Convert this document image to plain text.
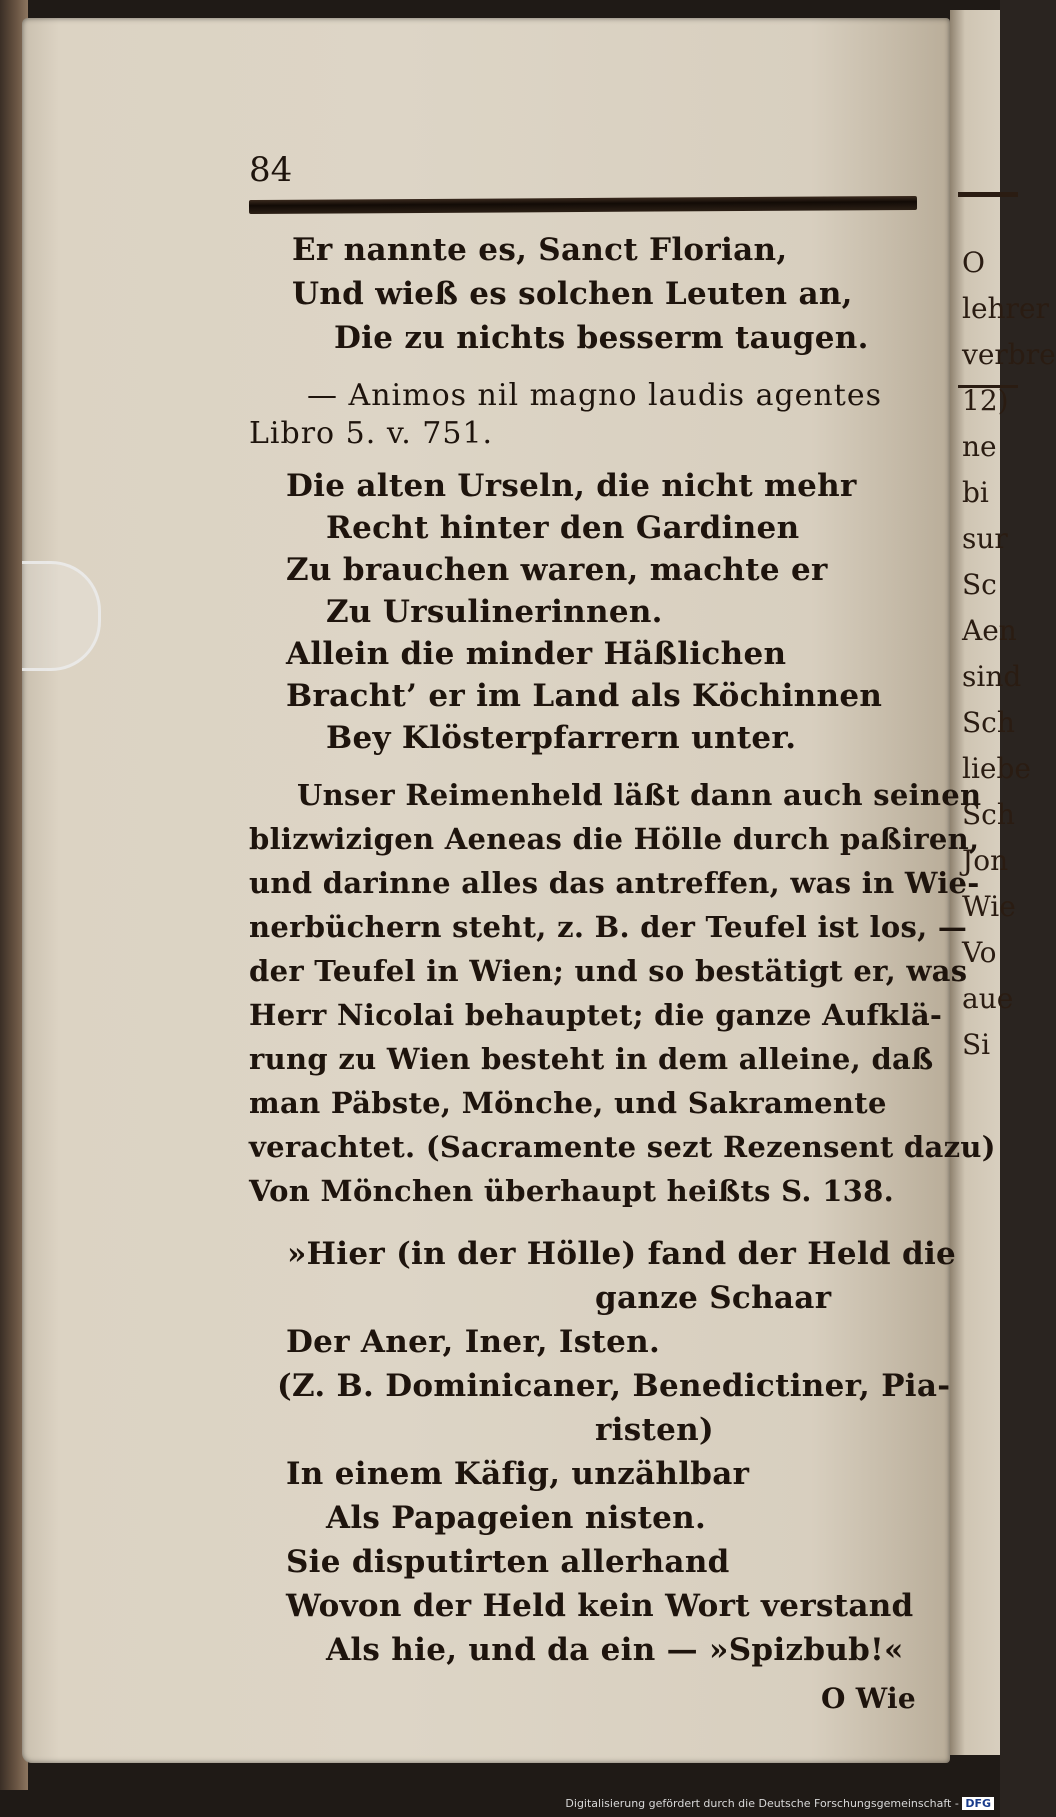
O
lehrer
verbre
12)
ne
bi
sur
Sc
Aen
sind
Sch
liebe
Sch
Jon
Wie
Vo
aue
Si
84
Er nannte es, Sanct Florian,
Und wieß es solchen Leuten an,
Die zu nichts besserm taugen.
— Animos nil magno laudis agentes
Libro 5. v. 751.
Die alten Urseln, die nicht mehr
Recht hinter den Gardinen
Zu brauchen waren, machte er
Zu Ursulinerinnen.
Allein die minder Häßlichen
Bracht’ er im Land als Köchinnen
Bey Klösterpfarrern unter.
Unser Reimenheld läßt dann auch seinen
blizwizigen Aeneas die Hölle durch paßiren,
und darinne alles das antreffen, was in Wie-
nerbüchern steht, z. B. der Teufel ist los, —
der Teufel in Wien; und so bestätigt er, was
Herr Nicolai behauptet; die ganze Aufklä-
rung zu Wien besteht in dem alleine, daß
man Päbste, Mönche, und Sakramente
verachtet. (Sacramente sezt Rezensent dazu)
Von Mönchen überhaupt heißts S. 138.
»Hier (in der Hölle) fand der Held die
ganze Schaar
Der Aner, Iner, Isten.
(Z. B. Dominicaner, Benedictiner, Pia-
risten)
In einem Käfig, unzählbar
Als Papageien nisten.
Sie disputirten allerhand
Wovon der Held kein Wort verstand
Als hie, und da ein — »Spizbub!«
O Wie
Digitalisierung gefördert durch die Deutsche Forschungsgemeinschaft - DFG
